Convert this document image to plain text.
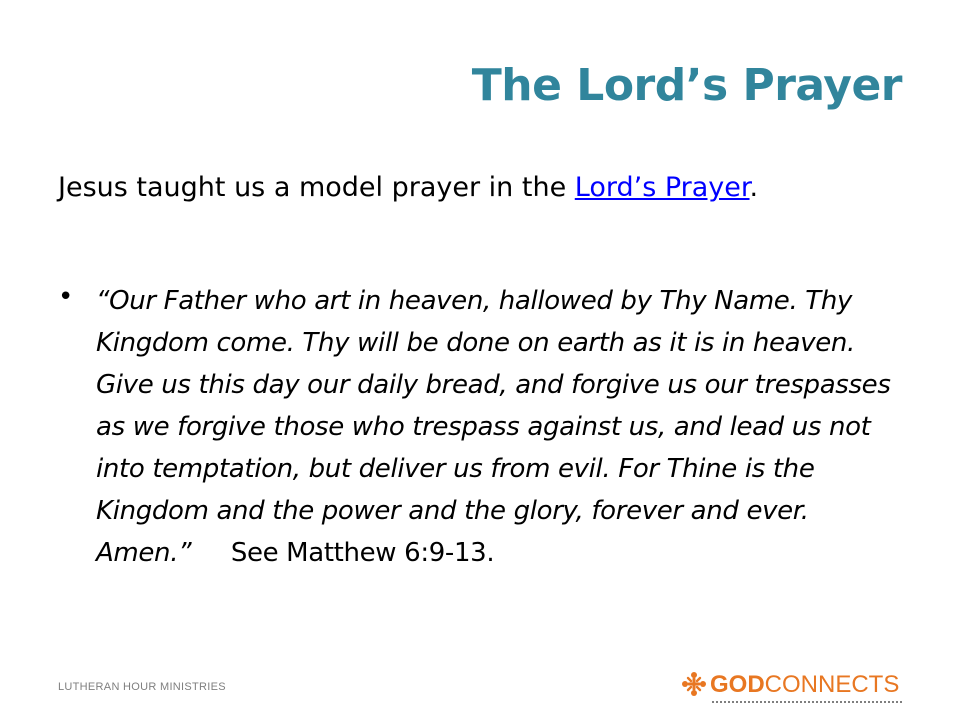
The Lord’s Prayer
Jesus taught us a model prayer in the Lord’s Prayer.
• “Our Father who art in heaven, hallowed by Thy Name. Thy Kingdom come. Thy will be done on earth as it is in heaven. Give us this day our daily bread, and forgive us our trespasses as we forgive those who trespass against us, and lead us not into temptation, but deliver us from evil. For Thine is the Kingdom and the power and the glory, forever and ever. Amen.” See Matthew 6:9-13.
LUTHERAN HOUR MINISTRIES	GODCONNECTS
